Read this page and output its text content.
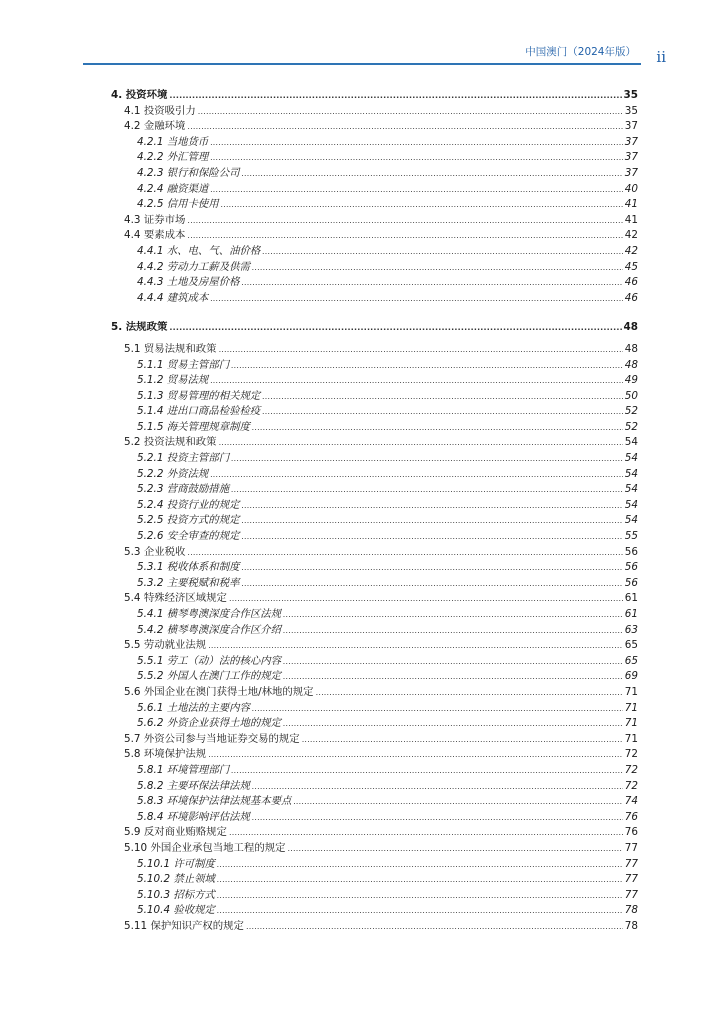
中国澳门（2024年版） ii
4. 投资环境 .....	35
4.1 投资吸引力 .....	35
4.2 金融环境 .....	37
4.2.1 当地货币 .....	37
4.2.2 外汇管理 .....	37
4.2.3 银行和保险公司 .....	37
4.2.4 融资渠道 .....	40
4.2.5 信用卡使用 .....	41
4.3 证券市场 .....	41
4.4 要素成本 .....	42
4.4.1 水、电、气、油价格 .....	42
4.4.2 劳动力工薪及供需 .....	45
4.4.3 土地及房屋价格 .....	46
4.4.4 建筑成本 .....	46
5. 法规政策 .....	48
5.1 贸易法规和政策 .....	48
5.1.1 贸易主管部门 .....	48
5.1.2 贸易法规 .....	49
5.1.3 贸易管理的相关规定 .....	50
5.1.4 进出口商品检验检疫 .....	52
5.1.5 海关管理规章制度 .....	52
5.2 投资法规和政策 .....	54
5.2.1 投资主管部门 .....	54
5.2.2 外资法规 .....	54
5.2.3 营商鼓励措施 .....	54
5.2.4 投资行业的规定 .....	54
5.2.5 投资方式的规定 .....	54
5.2.6 安全审查的规定 .....	55
5.3 企业税收 .....	56
5.3.1 税收体系和制度 .....	56
5.3.2 主要税赋和税率 .....	56
5.4 特殊经济区域规定 .....	61
5.4.1 横琴粤澳深度合作区法规 .....	61
5.4.2 横琴粤澳深度合作区介绍 .....	63
5.5 劳动就业法规 .....	65
5.5.1 劳工（动）法的核心内容 .....	65
5.5.2 外国人在澳门工作的规定 .....	69
5.6 外国企业在澳门获得土地/林地的规定 .....	71
5.6.1 土地法的主要内容 .....	71
5.6.2 外资企业获得土地的规定 .....	71
5.7 外资公司参与当地证券交易的规定 .....	71
5.8 环境保护法规 .....	72
5.8.1 环境管理部门 .....	72
5.8.2 主要环保法律法规 .....	72
5.8.3 环境保护法律法规基本要点 .....	74
5.8.4 环境影响评估法规 .....	76
5.9 反对商业贿赂规定 .....	76
5.10 外国企业承包当地工程的规定 .....	77
5.10.1 许可制度 .....	77
5.10.2 禁止领域 .....	77
5.10.3 招标方式 .....	77
5.10.4 验收规定 .....	78
5.11 保护知识产权的规定 .....	78
